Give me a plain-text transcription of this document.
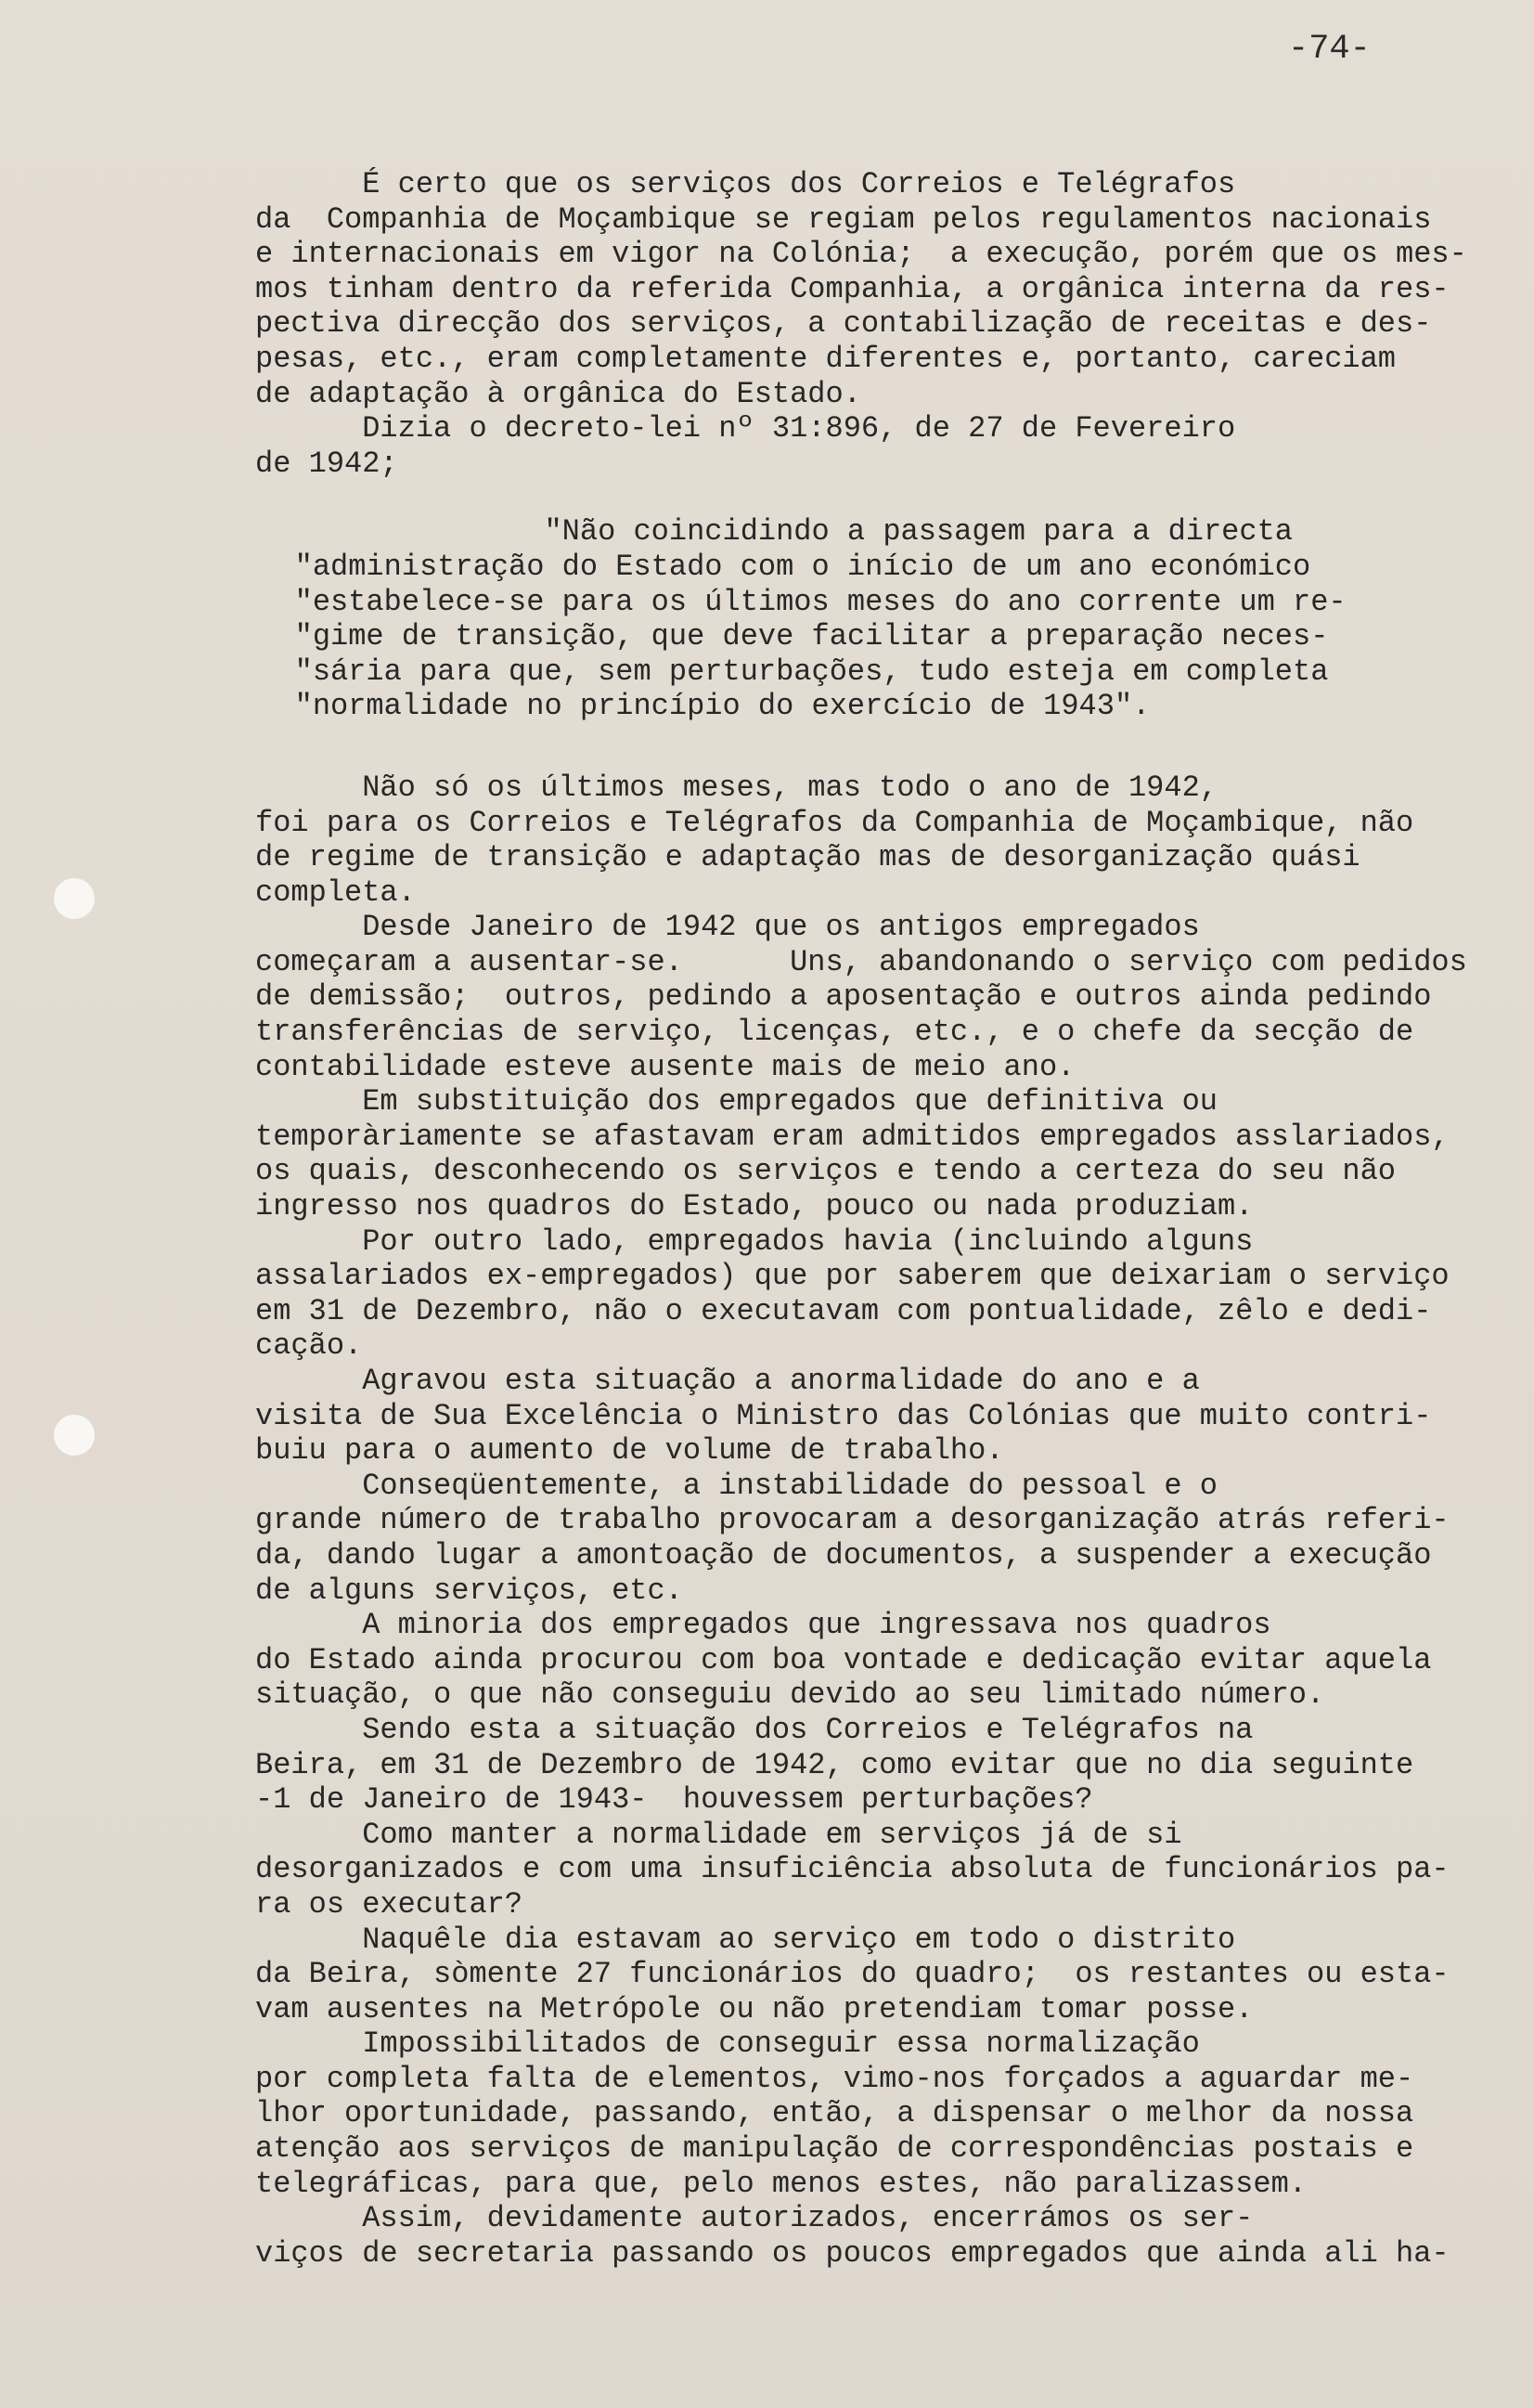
-74-
É certo que os serviços dos Correios e Telégrafos
da  Companhia de Moçambique se regiam pelos regulamentos nacionais
e internacionais em vigor na Colónia;  a execução, porém que os mes-
mos tinham dentro da referida Companhia, a orgânica interna da res-
pectiva direcção dos serviços, a contabilização de receitas e des-
pesas, etc., eram completamente diferentes e, portanto, careciam
de adaptação à orgânica do Estado.
Dizia o decreto-lei nº 31:896, de 27 de Fevereiro
de 1942;
"Não coincidindo a passagem para a directa
"administração do Estado com o início de um ano económico
"estabelece-se para os últimos meses do ano corrente um re-
"gime de transição, que deve facilitar a preparação neces-
"sária para que, sem perturbações, tudo esteja em completa
"normalidade no princípio do exercício de 1943".
Não só os últimos meses, mas todo o ano de 1942,
foi para os Correios e Telégrafos da Companhia de Moçambique, não
de regime de transição e adaptação mas de desorganização quási
completa.
Desde Janeiro de 1942 que os antigos empregados
começaram a ausentar-se.      Uns, abandonando o serviço com pedidos
de demissão;  outros, pedindo a aposentação e outros ainda pedindo
transferências de serviço, licenças, etc., e o chefe da secção de
contabilidade esteve ausente mais de meio ano.
Em substituição dos empregados que definitiva ou
temporàriamente se afastavam eram admitidos empregados asslariados,
os quais, desconhecendo os serviços e tendo a certeza do seu não
ingresso nos quadros do Estado, pouco ou nada produziam.
Por outro lado, empregados havia (incluindo alguns
assalariados ex-empregados) que por saberem que deixariam o serviço
em 31 de Dezembro, não o executavam com pontualidade, zêlo e dedi-
cação.
Agravou esta situação a anormalidade do ano e a
visita de Sua Excelência o Ministro das Colónias que muito contri-
buiu para o aumento de volume de trabalho.
Conseqüentemente, a instabilidade do pessoal e o
grande número de trabalho provocaram a desorganização atrás referi-
da, dando lugar a amontoação de documentos, a suspender a execução
de alguns serviços, etc.
A minoria dos empregados que ingressava nos quadros
do Estado ainda procurou com boa vontade e dedicação evitar aquela
situação, o que não conseguiu devido ao seu limitado número.
Sendo esta a situação dos Correios e Telégrafos na
Beira, em 31 de Dezembro de 1942, como evitar que no dia seguinte
-1 de Janeiro de 1943-  houvessem perturbações?
Como manter a normalidade em serviços já de si
desorganizados e com uma insuficiência absoluta de funcionários pa-
ra os executar?
Naquêle dia estavam ao serviço em todo o distrito
da Beira, sòmente 27 funcionários do quadro;  os restantes ou esta-
vam ausentes na Metrópole ou não pretendiam tomar posse.
Impossibilitados de conseguir essa normalização
por completa falta de elementos, vimo-nos forçados a aguardar me-
lhor oportunidade, passando, então, a dispensar o melhor da nossa
atenção aos serviços de manipulação de correspondências postais e
telegráficas, para que, pelo menos estes, não paralizassem.
Assim, devidamente autorizados, encerrámos os ser-
viços de secretaria passando os poucos empregados que ainda ali ha-
